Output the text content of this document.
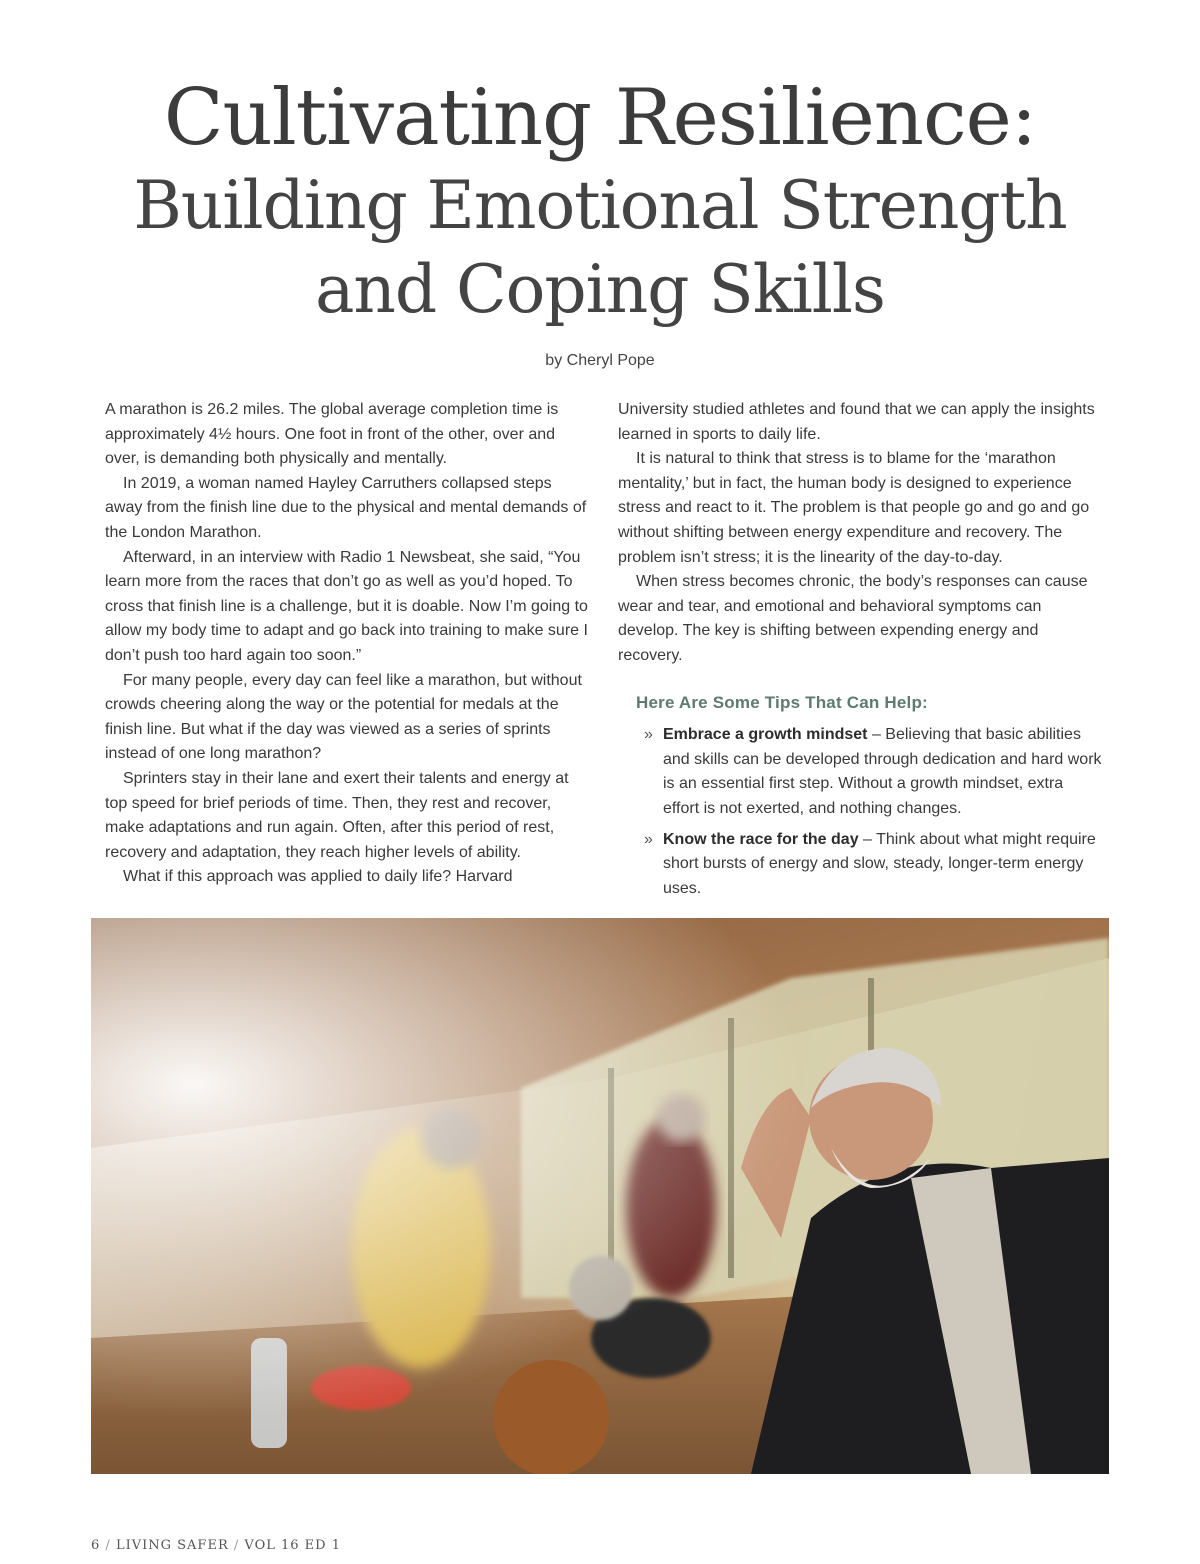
Cultivating Resilience:
Building Emotional Strength
and Coping Skills
by Cheryl Pope

A marathon is 26.2 miles. The global average completion time is approximately 4½ hours. One foot in front of the other, over and over, is demanding both physically and mentally.

In 2019, a woman named Hayley Carruthers collapsed steps away from the finish line due to the physical and mental demands of the London Marathon.

Afterward, in an interview with Radio 1 Newsbeat, she said, “You learn more from the races that don’t go as well as you’d hoped. To cross that finish line is a challenge, but it is doable. Now I’m going to allow my body time to adapt and go back into training to make sure I don’t push too hard again too soon.”

For many people, every day can feel like a marathon, but without crowds cheering along the way or the potential for medals at the finish line. But what if the day was viewed as a series of sprints instead of one long marathon?

Sprinters stay in their lane and exert their talents and energy at top speed for brief periods of time. Then, they rest and recover, make adaptations and run again. Often, after this period of rest, recovery and adaptation, they reach higher levels of ability.

What if this approach was applied to daily life? Harvard

University studied athletes and found that we can apply the insights learned in sports to daily life.

It is natural to think that stress is to blame for the ‘marathon mentality,’ but in fact, the human body is designed to experience stress and react to it. The problem is that people go and go and go without shifting between energy expenditure and recovery. The problem isn’t stress; it is the linearity of the day-to-day.

When stress becomes chronic, the body’s responses can cause wear and tear, and emotional and behavioral symptoms can develop. The key is shifting between expending energy and recovery.

Here Are Some Tips That Can Help:
» Embrace a growth mindset – Believing that basic abilities and skills can be developed through dedication and hard work is an essential first step. Without a growth mindset, extra effort is not exerted, and nothing changes.
» Know the race for the day – Think about what might require short bursts of energy and slow, steady, longer-term energy uses.
6 / LIVING SAFER / VOL 16 ED 1
